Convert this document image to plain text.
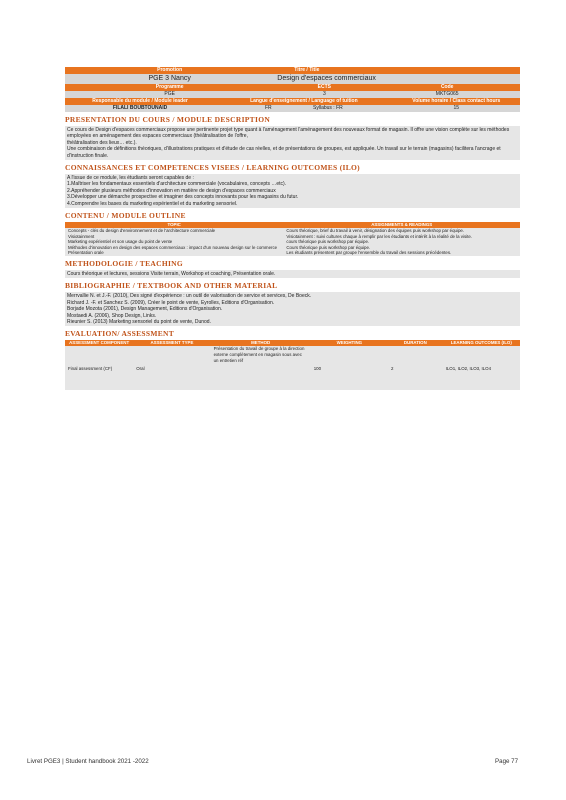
Promotion	Titre / Title	
PGE 3 Nancy	Design d'espaces commerciaux	
Programme	ECTS	Code
PGE	3	MKTG065
Responsable du module / Module leader	Langue d'enseignement / Language of tuition	Volume horaire / Class contact hours
FILALI BOUBTOUNAID	FR Syllabus : FR	15
PRESENTATION DU COURS / MODULE DESCRIPTION
Ce cours de Design d'espaces commerciaux propose une pertinente projet type quant à l'aménagement l'aménagement des nouveaux format de magasin. Il offre une vision complète sur les méthodes employées en aménagement des espaces commerciaux (théâtralisation de l'offre,
théâtralisation des lieux… etc.).
Une combinaison de définitions théoriques, d'illustrations pratiques et d'étude de cas réelles, et de présentations de groupes, est appliquée. Un travail sur le terrain (magasins) facilitera l'ancrage et d'instruction finale.
CONNAISSANCES ET COMPETENCES VISEES / LEARNING OUTCOMES (ILO)
A l'issue de ce module, les étudiants seront capables de :
1.Maîtriser les fondamentaux essentiels d'architecture commerciale (vocabulaires, concepts …etc).
2.Appréhender plusieurs méthodes d'innovation en matière de design d'espaces commerciaux
3.Développer une démarche prospective et imaginer des concepts innovants pour les magasins du futur.
4.Comprendre les bases du marketing expérientiel et du marketing sensoriel.
CONTENU / MODULE OUTLINE
TOPIC	ASSIGNMENTS & READINGS
Concepts - clés du design d'environnement et de l'architecture commerciale	Cours théorique, brief du travail à venir, désignation des équipes puis workshop par équipe.
Visiotainment	Visiotainment : suivi cultures chaque à remplir par les étudiants et intérêt à la réalité de la visite.
Marketing expérientiel et son usage du point de vente	cours théorique puis workshop par équipe.
Méthodes d'innovation en design des espaces commerciaux : impact d'un nouveau design sur le commerce	Cours théorique puis workshop par équipe.
Présentation orale	Les étudiants présentent par groupe l'ensemble du travail des sessions précédentes.
METHODOLOGIE / TEACHING
Cours théorique et lectures, sessions Visite terrain, Workshop et coaching, Présentation orale.
BIBLIOGRAPHIE / TEXTBOOK AND OTHER MATERIAL
Merrvallie N. et J.-F. (2010), Des signé d'expérience : un outil de valorisation de service et services, De Boeck.
Richard J. -F. et Sanchez S. (2009), Créer le point de vente, Eyrolles, Éditions d'Organisation.
Borjade Mozota (2001), Design Management, Éditions d'Organisation.
Mostaedi A. (2006), Shop Design, Links.
Rieunier S. (2013) Marketing sensoriel du point de vente, Dunod.
EVALUATION/ ASSESSMENT
ASSESSMENT COMPONENT	ASSESSMENT TYPE	METHOD	WEIGHTING	DURATION	LEARNING OUTCOMES (ILO)
Final assessment (CF)	Oral	Présentation du travail de groupe à la direction externe complètement en magasin sous avec un entretien réf	100	2	ILO1, ILO2, ILO3, ILO4
Livret PGE3 | Student handbook 2021 -2022	Page 77
